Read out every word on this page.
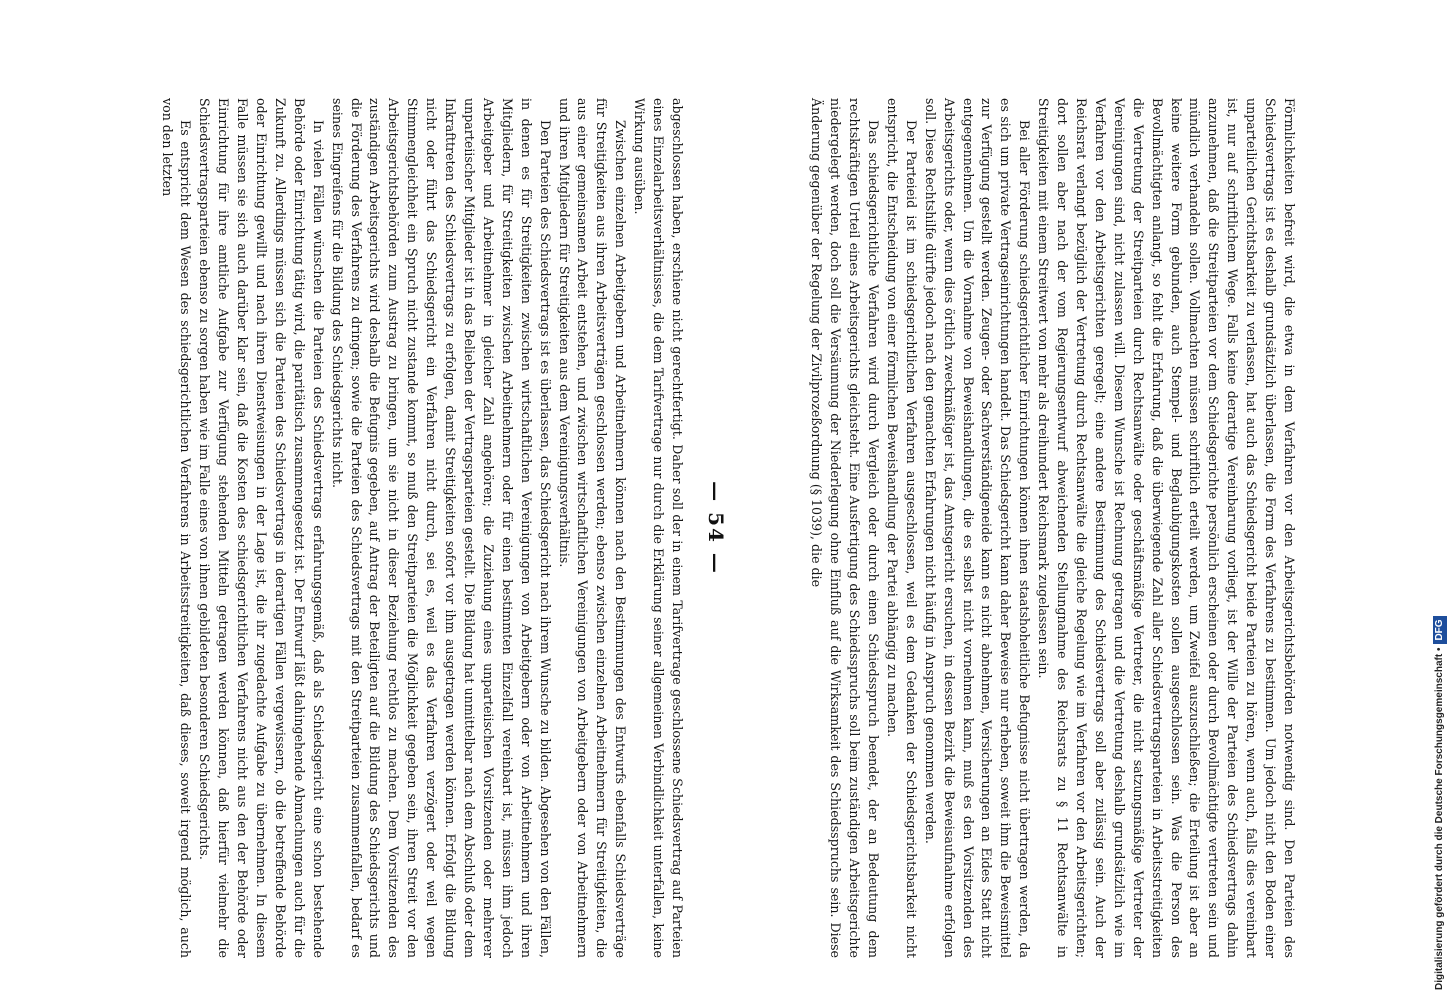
Förmlichkeiten befreit wird, die etwa in dem Verfahren vor den Arbeitsgerichtsbehörden notwendig sind. Den Parteien des Schiedsvertrags ist es deshalb grundsätzlich überlassen, die Form des Verfahrens zu bestimmen. Um jedoch nicht den Boden einer unparteilichen Gerichtsbarkeit zu verlassen, hat auch das Schiedsgericht beide Parteien zu hören, wenn auch, falls dies vereinbart ist, nur auf schriftlichem Wege. Falls keine derartige Vereinbarung vorliegt, ist der Wille der Parteien des Schiedsvertrags dahin anzunehmen, daß die Streitparteien vor dem Schiedsgerichte persönlich erscheinen oder durch Bevollmächtigte vertreten sein und mündlich verhandeln sollen. Vollmachten müssen schriftlich erteilt werden, um Zweifel auszuschließen; die Erteilung ist aber an keine weitere Form gebunden, auch Stempel- und Beglaubigungskosten sollen ausgeschlossen sein. Was die Person des Bevollmächtigten anlangt, so fehlt die Erfahrung, daß die überwiegende Zahl aller Schiedsvertragsparteien in Arbeitsstreitigkeiten die Vertretung der Streitparteien durch Rechtsanwälte oder geschäftsmäßige Vertreter, die nicht satzungsmäßige Vertreter der Vereinigungen sind, nicht zulassen will. Diesem Wunsche ist Rechnung getragen und die Vertretung deshalb grundsätzlich wie im Verfahren vor den Arbeitsgerichten geregelt; eine andere Bestimmung des Schiedsvertrags soll aber zulässig sein. Auch der Reichsrat verlangt bezüglich der Vertretung durch Rechtsanwälte die gleiche Regelung wie im Verfahren vor den Arbeitsgerichten; dort sollen aber nach der vom Regierungsentwurf abweichenden Stellungnahme des Reichsrats zu § 11 Rechtsanwälte in Streitigkeiten mit einem Streitwert von mehr als dreihundert Reichsmark zugelassen sein.

Bei aller Förderung schiedsgerichtlicher Einrichtungen können ihnen staatshoheitliche Befugnisse nicht übertragen werden, da es sich um private Vertragseinrichtungen handelt. Das Schiedsgericht kann daher Beweise nur erheben, soweit ihm die Beweismittel zur Verfügung gestellt werden. Zeugen- oder Sachverständigeneide kann es nicht abnehmen, Versicherungen an Eides Statt nicht entgegennehmen. Um die Vornahme von Beweishandlungen, die es selbst nicht vornehmen kann, muß es den Vorsitzenden des Arbeitsgerichts oder, wenn dies örtlich zweckmäßiger ist, das Amtsgericht ersuchen, in dessen Bezirk die Beweisaufnahme erfolgen soll. Diese Rechtshilfe dürfte jedoch nach den gemachten Erfahrungen nicht häufig in Anspruch genommen werden.

Der Parteieid ist im schiedsgerichtlichen Verfahren ausgeschlossen, weil es dem Gedanken der Schiedsgerichtsbarkeit nicht entspricht, die Entscheidung von einer förmlichen Beweishandlung der Partei abhängig zu machen.

Das schiedsgerichtliche Verfahren wird durch Vergleich oder durch einen Schiedsspruch beendet, der an Bedeutung dem rechtskräftigen Urteil eines Arbeitsgerichts gleichsteht. Eine Ausfertigung des Schiedsspruchs soll beim zuständigen Arbeitsgerichte niedergelegt werden, doch soll die Versäumung der Niederlegung ohne Einfluß auf die Wirksamkeit des Schiedsspruchs sein. Diese Änderung gegenüber der Regelung der Zivilprozeßordnung (§ 1039), die die

— 54 —

abgeschlossen haben, erschiene nicht gerechtfertigt. Daher soll der in einem Tarifvertrage geschlossene Schiedsvertrag auf Parteien eines Einzelarbeitsverhältnisses, die dem Tarifvertrage nur durch die Erklärung seiner allgemeinen Verbindlichkeit unterfallen, keine Wirkung ausüben.

Zwischen einzelnen Arbeitgebern und Arbeitnehmern können nach den Bestimmungen des Entwurfs ebenfalls Schiedsverträge für Streitigkeiten aus ihren Arbeitsverträgen geschlossen werden; ebenso zwischen einzelnen Arbeitnehmern für Streitigkeiten, die aus einer gemeinsamen Arbeit entstehen, und zwischen wirtschaftlichen Vereinigungen von Arbeitgebern oder von Arbeitnehmern und ihren Mitgliedern für Streitigkeiten aus dem Vereinigungsverhältnis.

Den Parteien des Schiedsvertrags ist es überlassen, das Schiedsgericht nach ihrem Wunsche zu bilden. Abgesehen von den Fällen, in denen es für Streitigkeiten zwischen wirtschaftlichen Vereinigungen von Arbeitgebern oder von Arbeitnehmern und ihren Mitgliedern, für Streitigkeiten zwischen Arbeitnehmern oder für einen bestimmten Einzelfall vereinbart ist, müssen ihm jedoch Arbeitgeber und Arbeitnehmer in gleicher Zahl angehören; die Zuziehung eines unparteiischen Vorsitzenden oder mehrerer unparteiischer Mitglieder ist in das Belieben der Vertragsparteien gestellt. Die Bildung hat unmittelbar nach dem Abschluß oder dem Inkrafttreten des Schiedsvertrags zu erfolgen, damit Streitigkeiten sofort vor ihm ausgetragen werden können. Erfolgt die Bildung nicht oder führt das Schiedsgericht ein Verfahren nicht durch, sei es, weil es das Verfahren verzögert oder weil wegen Stimmengleichheit ein Spruch nicht zustande kommt, so muß den Streitparteien die Möglichkeit gegeben sein, ihren Streit vor den Arbeitsgerichtsbehörden zum Austrag zu bringen, um sie nicht in dieser Beziehung rechtlos zu machen. Dem Vorsitzenden des zuständigen Arbeitsgerichts wird deshalb die Befugnis gegeben, auf Antrag der Beteiligten auf die Bildung des Schiedsgerichts und die Förderung des Verfahrens zu dringen; sowie die Parteien des Schiedsvertrags mit den Streitparteien zusammenfallen, bedarf es seines Eingreifens für die Bildung des Schiedsgerichts nicht.

In vielen Fällen wünschen die Parteien des Schiedsvertrags erfahrungsgemäß, daß als Schiedsgericht eine schon bestehende Behörde oder Einrichtung tätig wird, die paritätisch zusammengesetzt ist. Der Entwurf läßt dahingehende Abmachungen auch für die Zukunft zu. Allerdings müssen sich die Parteien des Schiedsvertrags in derartigen Fällen vergewissern, ob die betreffende Behörde oder Einrichtung gewillt und nach ihren Dienstweisungen in der Lage ist, die ihr zugedachte Aufgabe zu übernehmen. In diesem Falle müssen sie sich auch darüber klar sein, daß die Kosten des schiedsgerichtlichen Verfahrens nicht aus den der Behörde oder Einrichtung für ihre amtliche Aufgabe zur Verfügung stehenden Mitteln getragen werden können, daß hierfür vielmehr die Schiedsvertragsparteien ebenso zu sorgen haben wie im Falle eines von ihnen gebildeten besonderen Schiedsgerichts.

Es entspricht dem Wesen des schiedsgerichtlichen Verfahrens in Arbeitsstreitigkeiten, daß dieses, soweit irgend möglich, auch von den letzten

Digitalisierung gefördert durch die Deutsche Forschungsgemeinschaft •DFG
